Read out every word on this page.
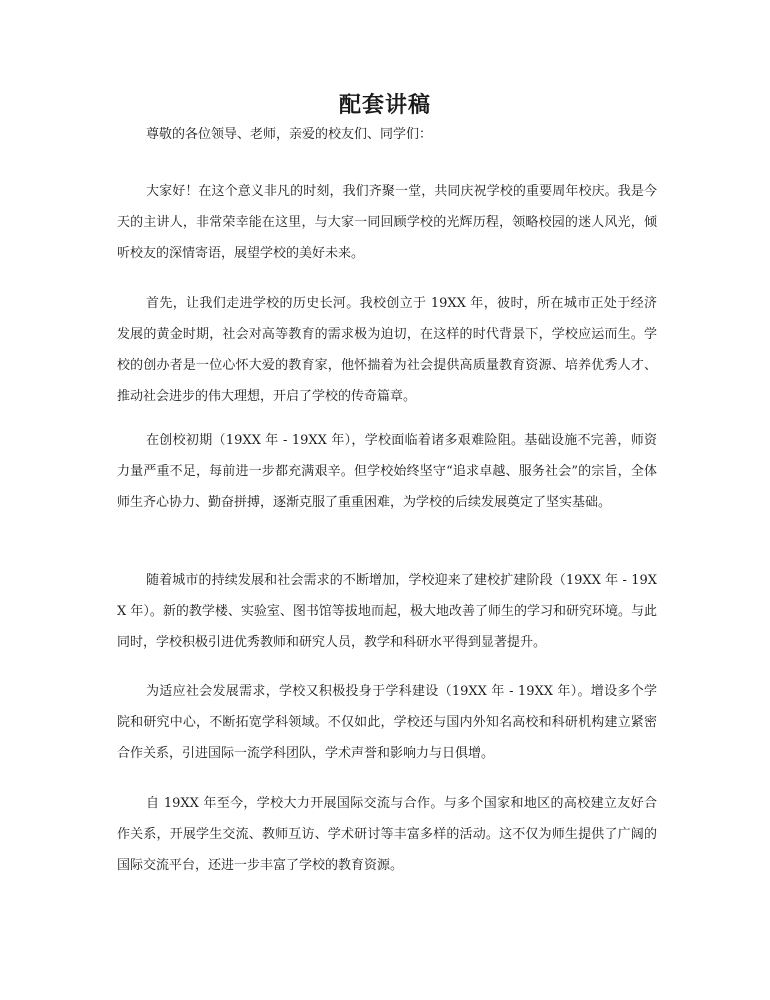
配套讲稿
尊敬的各位领导、老师，亲爱的校友们、同学们：

大家好！在这个意义非凡的时刻，我们齐聚一堂，共同庆祝学校的重要周年校庆。我是今天的主讲人，非常荣幸能在这里，与大家一同回顾学校的光辉历程，领略校园的迷人风光，倾听校友的深情寄语，展望学校的美好未来。

首先，让我们走进学校的历史长河。我校创立于 19XX 年，彼时，所在城市正处于经济发展的黄金时期，社会对高等教育的需求极为迫切，在这样的时代背景下，学校应运而生。学校的创办者是一位心怀大爱的教育家，他怀揣着为社会提供高质量教育资源、培养优秀人才、推动社会进步的伟大理想，开启了学校的传奇篇章。

在创校初期（19XX 年 - 19XX 年），学校面临着诸多艰难险阻。基础设施不完善，师资力量严重不足，每前进一步都充满艰辛。但学校始终坚守“追求卓越、服务社会”的宗旨，全体师生齐心协力、勤奋拼搏，逐渐克服了重重困难，为学校的后续发展奠定了坚实基础。

随着城市的持续发展和社会需求的不断增加，学校迎来了建校扩建阶段（19XX 年 - 19XX 年）。新的教学楼、实验室、图书馆等拔地而起，极大地改善了师生的学习和研究环境。与此同时，学校积极引进优秀教师和研究人员，教学和科研水平得到显著提升。

为适应社会发展需求，学校又积极投身于学科建设（19XX 年 - 19XX 年）。增设多个学院和研究中心，不断拓宽学科领域。不仅如此，学校还与国内外知名高校和科研机构建立紧密合作关系，引进国际一流学科团队，学术声誉和影响力与日俱增。

自 19XX 年至今，学校大力开展国际交流与合作。与多个国家和地区的高校建立友好合作关系，开展学生交流、教师互访、学术研讨等丰富多样的活动。这不仅为师生提供了广阔的国际交流平台，还进一步丰富了学校的教育资源。
